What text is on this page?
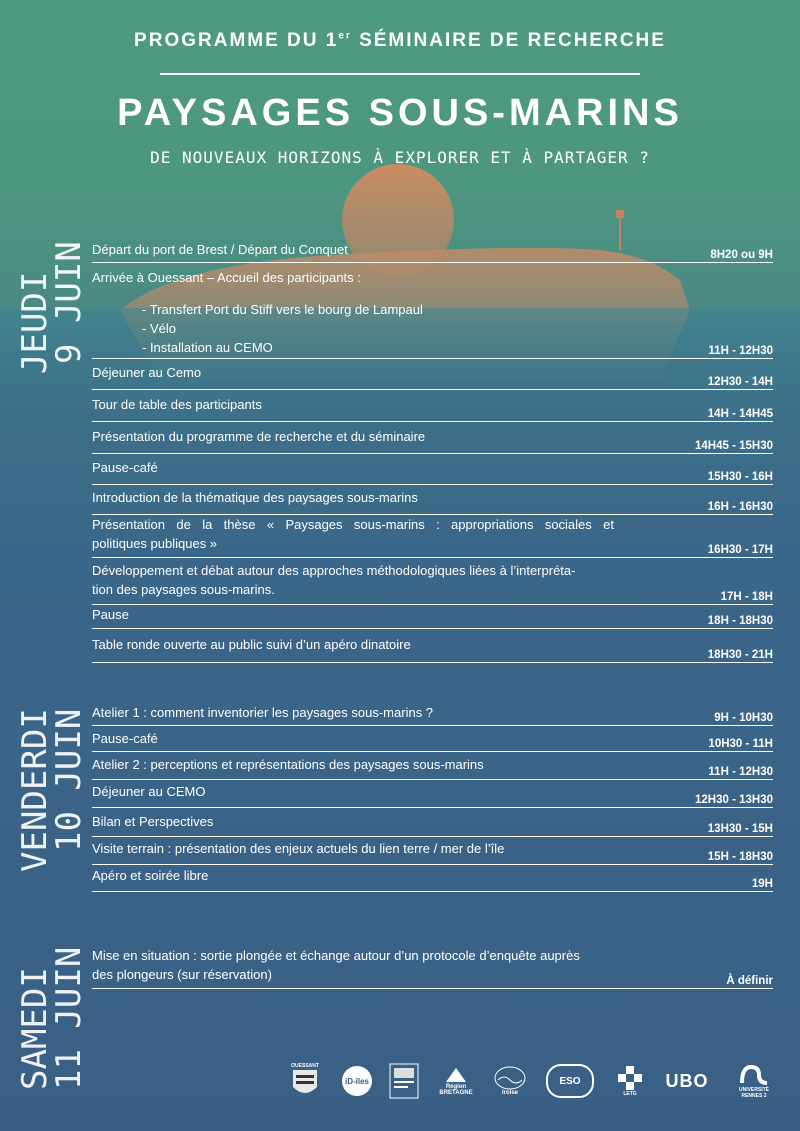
PROGRAMME DU 1er SÉMINAIRE DE RECHERCHE
PAYSAGES SOUS-MARINS
DE NOUVEAUX HORIZONS À EXPLORER ET À PARTAGER ?
JEUDI
9 JUIN
VENDERDI
10 JUIN
SAMEDI
11 JUIN
Départ du port de Brest / Départ du Conquet	8H20 ou 9H
Arrivée à Ouessant – Accueil des participants :
- Transfert Port du Stiff vers le bourg de Lampaul
- Vélo
- Installation au CEMO	11H - 12H30
Déjeuner au Cemo
12H30 - 14H
Tour de table des participants
14H - 14H45
Présentation du programme de recherche et du séminaire
14H45 - 15H30
Pause-café
15H30 - 16H
Introduction de la thématique des paysages sous-marins
16H - 16H30
Présentation de la thèse « Paysages sous-marins : appropriations sociales et
politiques publiques »	16H30 - 17H
Développement et débat autour des approches méthodologiques liées à l’interpréta-
tion des paysages sous-marins.	17H - 18H
Pause	18H - 18H30
Table ronde ouverte au public suivi d’un apéro dinatoire
18H30 - 21H
Atelier 1 : comment inventorier les paysages sous-marins ?	9H - 10H30
Pause-café	10H30 - 11H
Atelier 2 : perceptions et représentations des paysages sous-marins	11H - 12H30
Déjeuner au CEMO
12H30 - 13H30
Bilan et Perspectives	13H30 - 15H
Visite terrain : présentation des enjeux actuels du lien terre / mer de l’île
15H - 18H30
Apéro et soirée libre
19H
Mise en situation : sortie plongée et échange autour d’un protocole d’enquête auprès
des plongeurs (sur réservation)	À définir
OUESSANT
iD-îles
Région BRETAGNE	Iroise
ESO
LETG
UBO	UNIVERSITÉ RENNES 2
